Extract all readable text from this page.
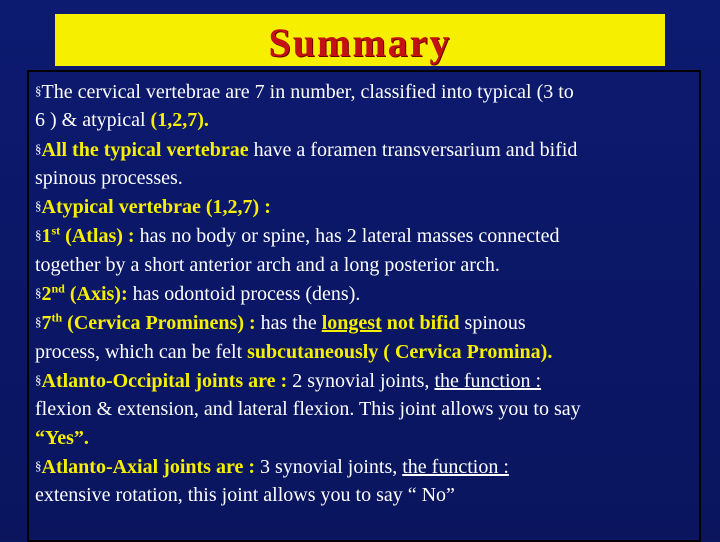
Summary

§The cervical vertebrae are 7 in number, classified into typical (3 to
6 ) & atypical (1,2,7).

§All the typical vertebrae have a foramen transversarium and bifid
spinous processes.

§Atypical vertebrae (1,2,7) :

§1st (Atlas) : has no body or spine, has 2 lateral masses connected
together by a short anterior arch and a long posterior arch.

§2nd (Axis): has odontoid process (dens).

§7th (Cervica Prominens) : has the longest not bifid spinous
process, which can be felt subcutaneously ( Cervica Promina).

§Atlanto-Occipital joints are : 2 synovial joints, the function :
flexion & extension, and lateral flexion. This joint allows you to say
“Yes”.

§Atlanto-Axial joints are : 3 synovial joints, the function :
extensive rotation, this joint allows you to say “ No”
